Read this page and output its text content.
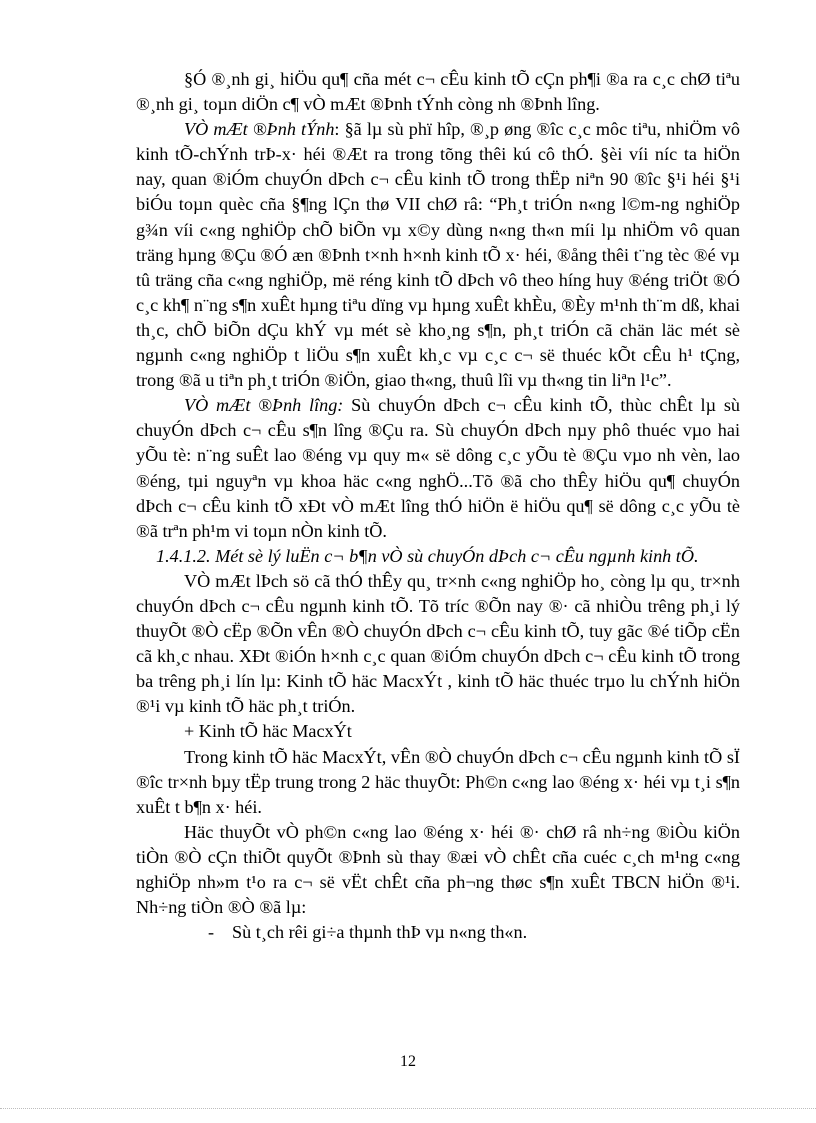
§Ó ®¸nh gi¸ hiÖu qu¶ cña mét c¬ cÊu kinh tÕ cÇn ph¶i ®a ra c¸c chØ tiªu ®¸nh gi¸ toµn diÖn c¶ vÒ mÆt ®Þnh tÝnh còng nh ®Þnh lîng.

VÒ mÆt ®Þnh tÝnh: §ã lµ sù phï hîp, ®¸p øng ®îc c¸c môc tiªu, nhiÖm vô kinh tÕ-chÝnh trÞ-x· héi ®Æt ra trong tõng thêi kú cô thÓ. §èi víi níc ta hiÖn nay, quan ®iÓm chuyÓn dÞch c¬ cÊu kinh tÕ trong thËp niªn 90 ®îc §¹i héi §¹i biÓu toµn quèc cña §¶ng lÇn thø VII chØ râ: “Ph¸t triÓn n«ng l©m-ng nghiÖp g¾n víi c«ng nghiÖp chÕ biÕn vµ x©y dùng n«ng th«n míi lµ nhiÖm vô quan träng hµng ®Çu ®Ó æn ®Þnh t×nh h×nh kinh tÕ x· héi, ®ång thêi t¨ng tèc ®é vµ tû träng cña c«ng nghiÖp, më réng kinh tÕ dÞch vô theo híng huy ®éng triÖt ®Ó c¸c kh¶ n¨ng s¶n xuÊt hµng tiªu dïng vµ hµng xuÊt khÈu, ®Èy m¹nh th¨m dß, khai th¸c, chÕ biÕn dÇu khÝ vµ mét sè kho¸ng s¶n, ph¸t triÓn cã chän läc mét sè ngµnh c«ng nghiÖp t liÖu s¶n xuÊt kh¸c vµ c¸c c¬ së thuéc kÕt cÊu h¹ tÇng, trong ®ã u tiªn ph¸t triÓn ®iÖn, giao th«ng, thuû lîi vµ th«ng tin liªn l¹c”.

VÒ mÆt ®Þnh lîng: Sù chuyÓn dÞch c¬ cÊu kinh tÕ, thùc chÊt lµ sù chuyÓn dÞch c¬ cÊu s¶n lîng ®Çu ra. Sù chuyÓn dÞch nµy phô thuéc vµo hai yÕu tè: n¨ng suÊt lao ®éng vµ quy m« së dông c¸c yÕu tè ®Çu vµo nh vèn, lao ®éng, tµi nguyªn vµ khoa häc c«ng nghÖ...Tõ ®ã cho thÊy hiÖu qu¶ chuyÓn dÞch c¬ cÊu kinh tÕ xÐt vÒ mÆt lîng thÓ hiÖn ë hiÖu qu¶ së dông c¸c yÕu tè ®ã trªn ph¹m vi toµn nÒn kinh tÕ.

1.4.1.2. Mét sè lý luËn c¬ b¶n vÒ sù chuyÓn dÞch c¬ cÊu ngµnh kinh tÕ.

VÒ mÆt lÞch sö cã thÓ thÊy qu¸ tr×nh c«ng nghiÖp ho¸ còng lµ qu¸ tr×nh chuyÓn dÞch c¬ cÊu ngµnh kinh tÕ. Tõ tríc ®Õn nay ®· cã nhiÒu trêng ph¸i lý thuyÕt ®Ò cËp ®Õn vÊn ®Ò chuyÓn dÞch c¬ cÊu kinh tÕ, tuy gãc ®é tiÕp cËn cã kh¸c nhau. XÐt ®iÓn h×nh c¸c quan ®iÓm chuyÓn dÞch c¬ cÊu kinh tÕ trong ba trêng ph¸i lín lµ: Kinh tÕ häc MacxÝt , kinh tÕ häc thuéc trµo lu chÝnh hiÖn ®¹i vµ kinh tÕ häc ph¸t triÓn.

+ Kinh tÕ häc MacxÝt

Trong kinh tÕ häc MacxÝt, vÊn ®Ò chuyÓn dÞch c¬ cÊu ngµnh kinh tÕ sÏ ®îc tr×nh bµy tËp trung trong 2 häc thuyÕt: Ph©n c«ng lao ®éng x· héi vµ t¸i s¶n xuÊt t b¶n x· héi.

Häc thuyÕt vÒ ph©n c«ng lao ®éng x· héi ®· chØ râ nh÷ng ®iÒu kiÖn tiÒn ®Ò cÇn thiÕt quyÕt ®Þnh sù thay ®æi vÒ chÊt cña cuéc c¸ch m¹ng c«ng nghiÖp nh»m t¹o ra c¬ së vËt chÊt cña ph¬ng thøc s¶n xuÊt TBCN hiÖn ®¹i. Nh÷ng tiÒn ®Ò ®ã lµ:

- Sù t¸ch rêi gi÷a thµnh thÞ vµ n«ng th«n.

12
